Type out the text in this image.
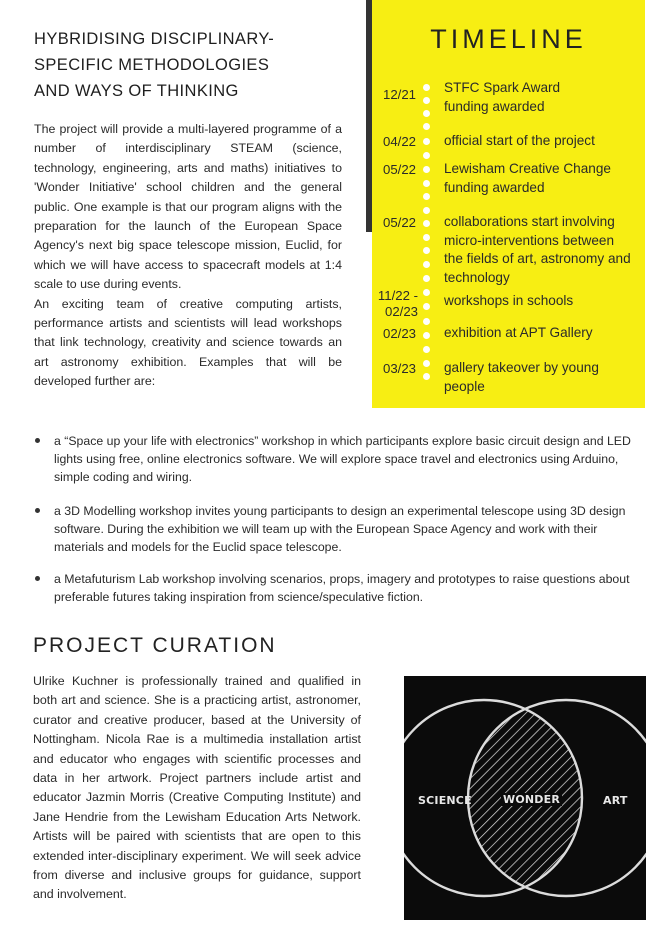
HYBRIDISING DISCIPLINARY-
SPECIFIC METHODOLOGIES
AND WAYS OF THINKING

The project will provide a multi-layered programme of a number of interdisciplinary STEAM (science, technology, engineering, arts and maths) initiatives to 'Wonder Initiative' school children and the general public. One example is that our program aligns with the preparation for the launch of the European Space Agency's next big space telescope mission, Euclid, for which we will have access to spacecraft models at 1:4 scale to use during events.

An exciting team of creative computing artists, performance artists and scientists will lead workshops that link technology, creativity and science towards an art astronomy exhibition. Examples that will be developed further are:

TIMELINE
12/21 STFC Spark Award funding awarded
04/22 official start of the project
05/22 Lewisham Creative Change funding awarded
05/22 collaborations start involving micro-interventions between the fields of art, astronomy and technology
11/22 - 02/23
workshops in schools
02/23 exhibition at APT Gallery
03/23 gallery takeover by young people
a “Space up your life with electronics” workshop in which participants explore basic circuit design and LED lights using free, online electronics software. We will explore space travel and electronics using Arduino, simple coding and wiring.
a 3D Modelling workshop invites young participants to design an experimental telescope using 3D design software. During the exhibition we will team up with the European Space Agency and work with their materials and models for the Euclid space telescope.
a Metafuturism Lab workshop involving scenarios, props, imagery and prototypes to raise questions about preferable futures taking inspiration from science/speculative fiction.
PROJECT CURATION

Ulrike Kuchner is professionally trained and qualified in both art and science. She is a practicing artist, astronomer, curator and creative producer, based at the University of Nottingham. Nicola Rae is a multimedia installation artist and educator who engages with scientific processes and data in her artwork. Project partners include artist and educator Jazmin Morris (Creative Computing Institute) and Jane Hendrie from the Lewisham Education Arts Network. Artists will be paired with scientists that are open to this extended inter-disciplinary experiment. We will seek advice from diverse and inclusive groups for guidance, support and involvement.

SCIENCE	WONDER	ART
